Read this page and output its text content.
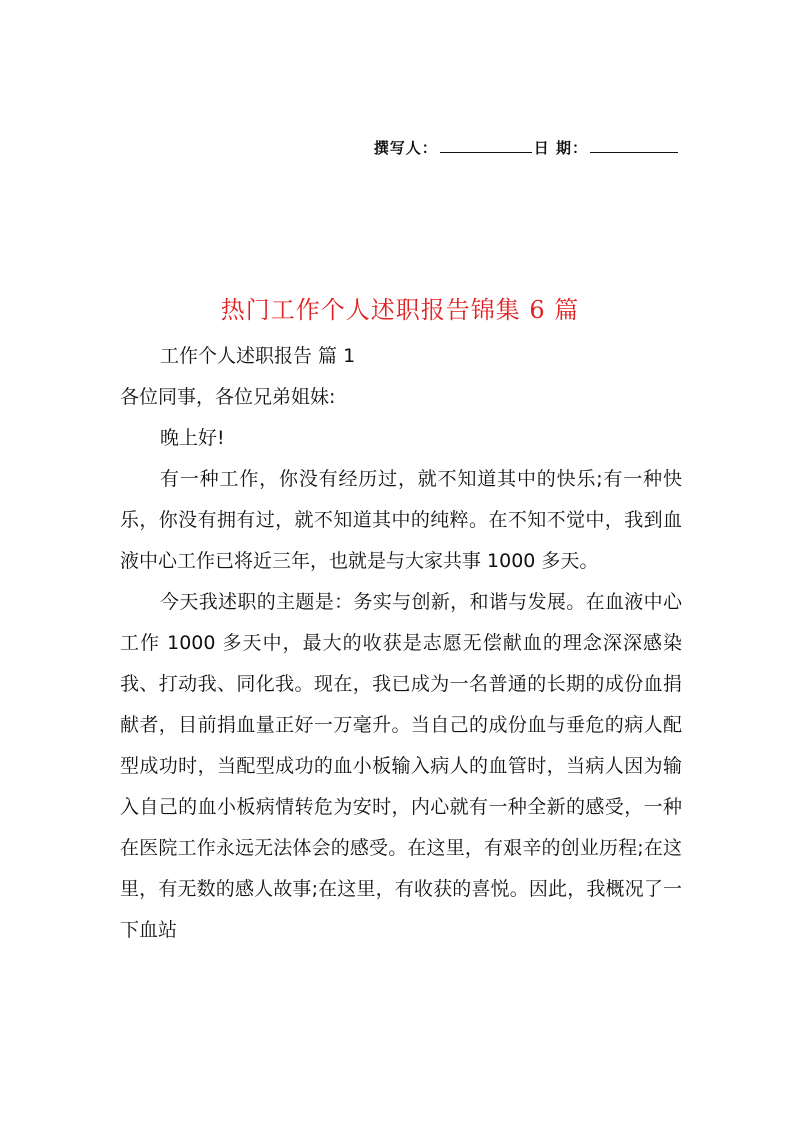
撰写人：	日 期：
热门工作个人述职报告锦集 6 篇

工作个人述职报告 篇 1

各位同事，各位兄弟姐妹:

晚上好!

有一种工作，你没有经历过，就不知道其中的快乐;有一种快乐，你没有拥有过，就不知道其中的纯粹。在不知不觉中，我到血液中心工作已将近三年，也就是与大家共事 1000 多天。

今天我述职的主题是：务实与创新，和谐与发展。在血液中心工作 1000 多天中，最大的收获是志愿无偿献血的理念深深感染我、打动我、同化我。现在，我已成为一名普通的长期的成份血捐献者，目前捐血量正好一万毫升。当自己的成份血与垂危的病人配型成功时，当配型成功的血小板输入病人的血管时，当病人因为输入自己的血小板病情转危为安时，内心就有一种全新的感受，一种在医院工作永远无法体会的感受。在这里，有艰辛的创业历程;在这里，有无数的感人故事;在这里，有收获的喜悦。因此，我概况了一下血站
